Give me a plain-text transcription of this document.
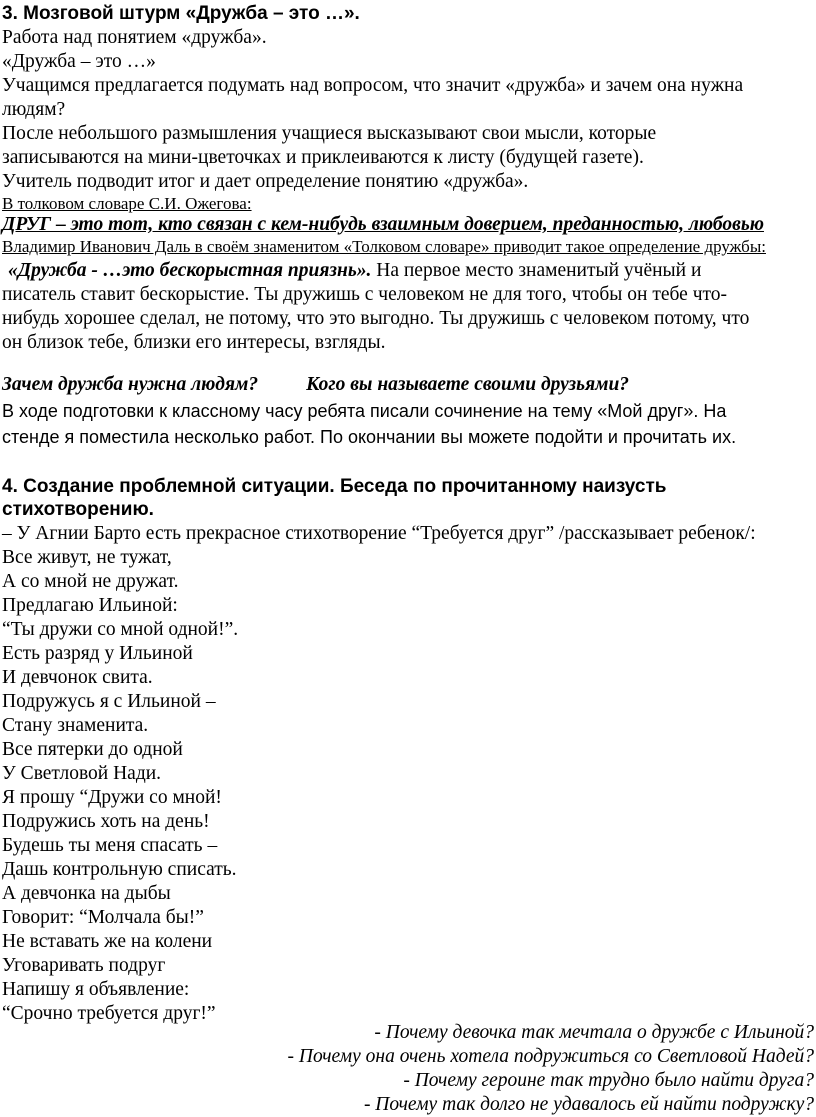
3. Мозговой штурм «Дружба – это …».
Работа над понятием «дружба».
«Дружба – это …»
Учащимся предлагается подумать над вопросом, что значит «дружба» и зачем она нужна
людям?
После небольшого размышления учащиеся высказывают свои мысли, которые
записываются на мини-цветочках и приклеиваются к листу (будущей газете).
Учитель подводит итог и дает определение понятию «дружба».
В толковом словаре С.И. Ожегова:
ДРУГ – это тот, кто связан с кем-нибудь взаимным доверием, преданностью, любовью
Владимир Иванович Даль в своём знаменитом «Толковом словаре» приводит такое определение дружбы:
«Дружба - …это бескорыстная приязнь». На первое место знаменитый учёный и
писатель ставит бескорыстие. Ты дружишь с человеком не для того, чтобы он тебе что-
нибудь хорошее сделал, не потому, что это выгодно. Ты дружишь с человеком потому, что
он близок тебе, близки его интересы, взгляды.
Зачем дружба нужна людям? Кого вы называете своими друзьями?
В ходе подготовки к классному часу ребята писали сочинение на тему «Мой друг». На
стенде я поместила несколько работ. По окончании вы можете подойти и прочитать их.
4. Создание проблемной ситуации. Беседа по прочитанному наизусть
стихотворению.
– У Агнии Барто есть прекрасное стихотворение “Требуется друг” /рассказывает ребенок/:
Все живут, не тужат,
А со мной не дружат.
Предлагаю Ильиной:
“Ты дружи со мной одной!”.
Есть разряд у Ильиной
И девчонок свита.
Подружусь я с Ильиной –
Стану знаменита.
Все пятерки до одной
У Светловой Нади.
Я прошу “Дружи со мной!
Подружись хоть на день!
Будешь ты меня спасать –
Дашь контрольную списать.
А девчонка на дыбы
Говорит: “Молчала бы!”
Не вставать же на колени
Уговаривать подруг
Напишу я объявление:
“Срочно требуется друг!”
- Почему девочка так мечтала о дружбе с Ильиной?
- Почему она очень хотела подружиться со Светловой Надей?
- Почему героине так трудно было найти друга?
- Почему так долго не удавалось ей найти подружку?
